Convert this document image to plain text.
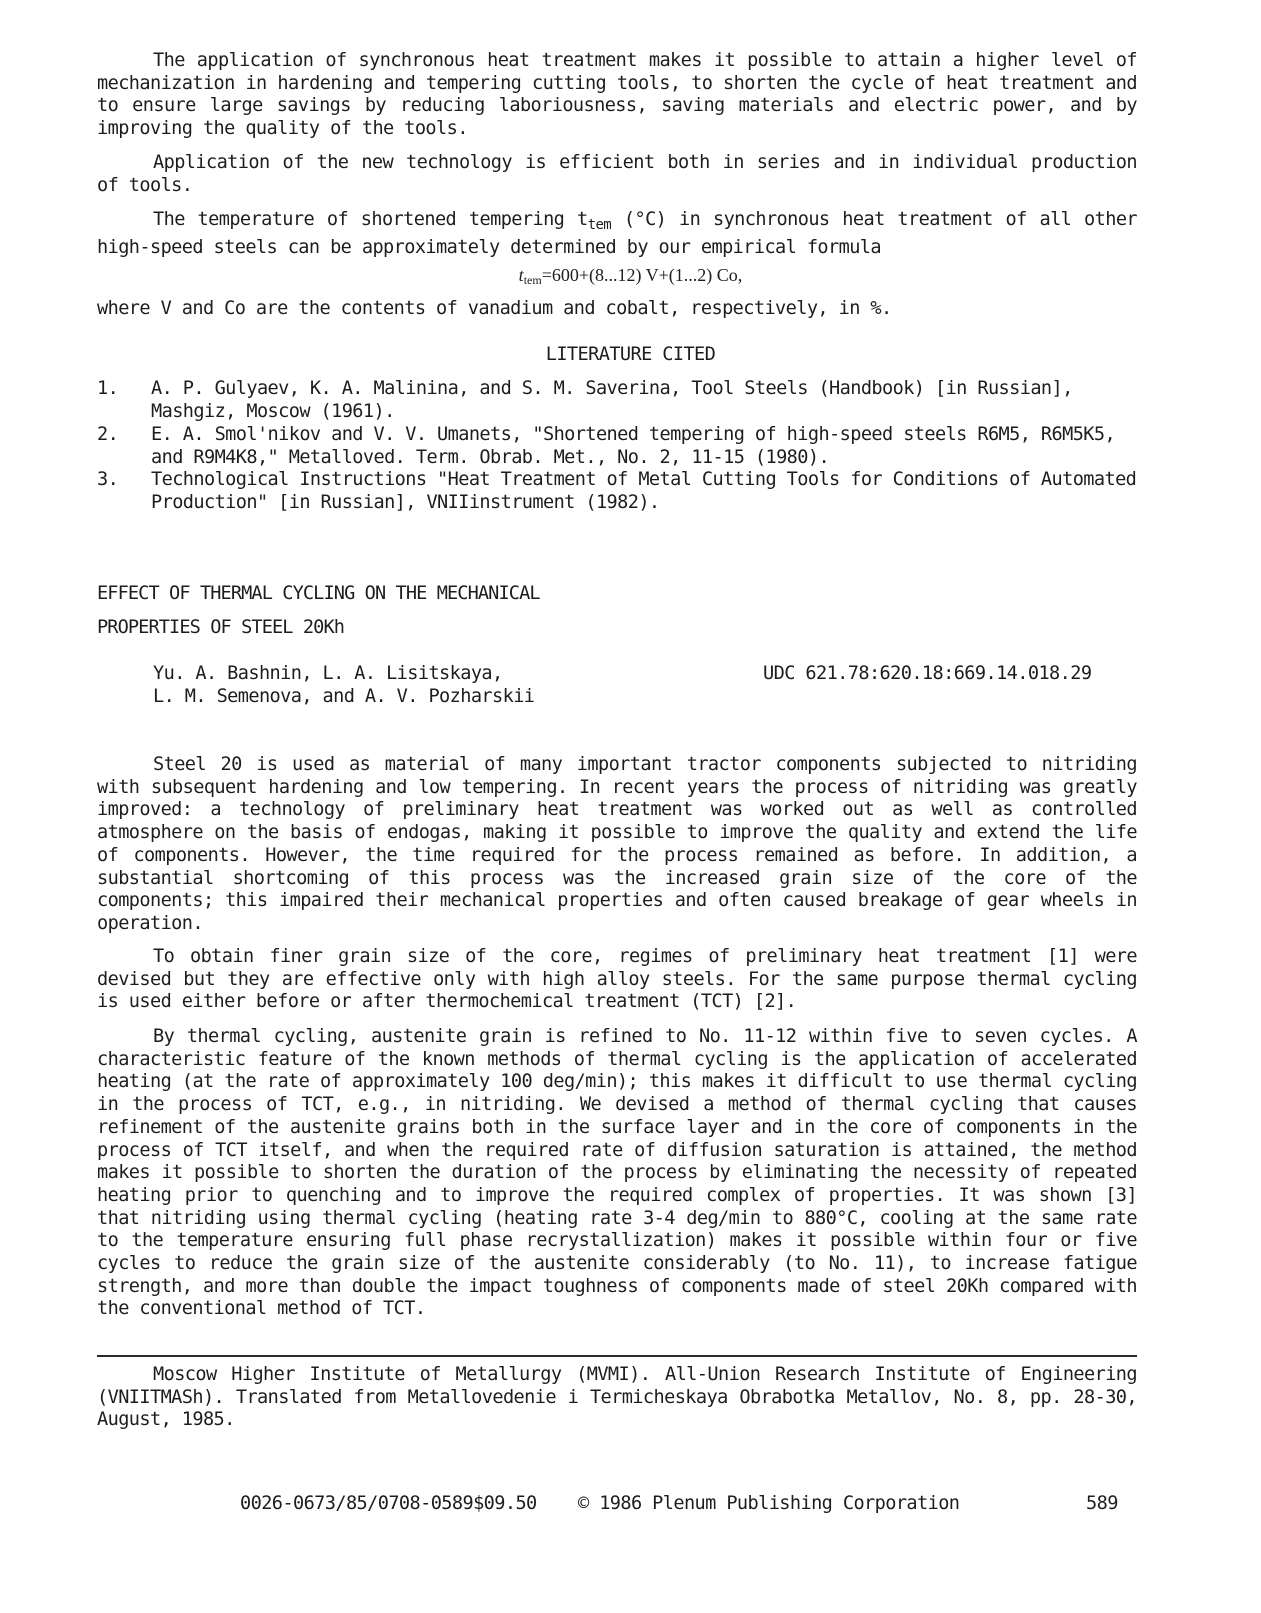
The application of synchronous heat treatment makes it possible to attain a higher level of mechanization in hardening and tempering cutting tools, to shorten the cycle of heat treatment and to ensure large savings by reducing laboriousness, saving materials and electric power, and by improving the quality of the tools.

Application of the new technology is efficient both in series and in individual production of tools.

The temperature of shortened tempering $t_{tem}$ (°C) in synchronous heat treatment of all other high-speed steels can be approximately determined by our empirical formula

$t_{tem}=600+(8...12)$ V+(1...2) Co,

where V and Co are the contents of vanadium and cobalt, respectively, in %.

LITERATURE CITED
1. A. P. Gulyaev, K. A. Malinina, and S. M. Saverina, Tool Steels (Handbook) [in Russian], Mashgiz, Moscow (1961).
2. E. A. Smol'nikov and V. V. Umanets, "Shortened tempering of high-speed steels R6M5, R6M5K5, and R9M4K8," Metalloved. Term. Obrab. Met., No. 2, 11-15 (1980).
3. Technological Instructions "Heat Treatment of Metal Cutting Tools for Conditions of Automated Production" [in Russian], VNIIinstrument (1982).
EFFECT OF THERMAL CYCLING ON THE MECHANICAL
PROPERTIES OF STEEL 20Kh
Yu. A. Bashnin, L. A. Lisitskaya,
L. M. Semenova, and A. V. Pozharskii
UDC 621.78:620.18:669.14.018.29

Steel 20 is used as material of many important tractor components subjected to nitriding with subsequent hardening and low tempering. In recent years the process of nitriding was greatly improved: a technology of preliminary heat treatment was worked out as well as controlled atmosphere on the basis of endogas, making it possible to improve the quality and extend the life of components. However, the time required for the process remained as before. In addition, a substantial shortcoming of this process was the increased grain size of the core of the components; this impaired their mechanical properties and often caused breakage of gear wheels in operation.

To obtain finer grain size of the core, regimes of preliminary heat treatment [1] were devised but they are effective only with high alloy steels. For the same purpose thermal cycling is used either before or after thermochemical treatment (TCT) [2].

By thermal cycling, austenite grain is refined to No. 11-12 within five to seven cycles. A characteristic feature of the known methods of thermal cycling is the application of accelerated heating (at the rate of approximately 100 deg/min); this makes it difficult to use thermal cycling in the process of TCT, e.g., in nitriding. We devised a method of thermal cycling that causes refinement of the austenite grains both in the surface layer and in the core of components in the process of TCT itself, and when the required rate of diffusion saturation is attained, the method makes it possible to shorten the duration of the process by eliminating the necessity of repeated heating prior to quenching and to improve the required complex of properties. It was shown [3] that nitriding using thermal cycling (heating rate 3-4 deg/min to 880°C, cooling at the same rate to the temperature ensuring full phase recrystallization) makes it possible within four or five cycles to reduce the grain size of the austenite considerably (to No. 11), to increase fatigue strength, and more than double the impact toughness of components made of steel 20Kh compared with the conventional method of TCT.

Moscow Higher Institute of Metallurgy (MVMI). All-Union Research Institute of Engineering (VNIITMASh). Translated from Metallovedenie i Termicheskaya Obrabotka Metallov, No. 8, pp. 28-30, August, 1985.

0026-0673/85/0708-0589$09.50 © 1986 Plenum Publishing Corporation	589
